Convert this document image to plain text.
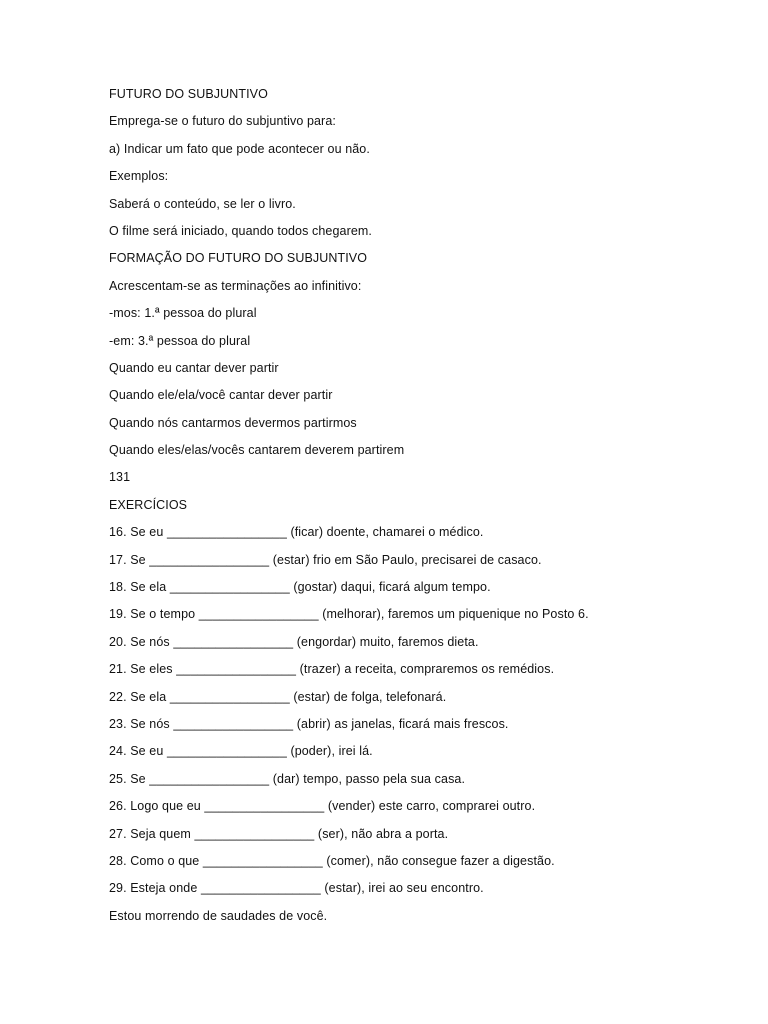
FUTURO DO SUBJUNTIVO
Emprega-se o futuro do subjuntivo para:
a) Indicar um fato que pode acontecer ou não.
Exemplos:
Saberá o conteúdo, se ler o livro.
O filme será iniciado, quando todos chegarem.
FORMAÇÃO DO FUTURO DO SUBJUNTIVO
Acrescentam-se as terminações ao infinitivo:
-mos: 1.ª pessoa do plural
-em: 3.ª pessoa do plural
Quando eu cantar dever partir
Quando ele/ela/você cantar dever partir
Quando nós cantarmos devermos partirmos
Quando eles/elas/vocês cantarem deverem partirem
131
EXERCÍCIOS
16. Se eu _________________ (ficar) doente, chamarei o médico.
17. Se _________________ (estar) frio em São Paulo, precisarei de casaco.
18. Se ela _________________ (gostar) daqui, ficará algum tempo.
19. Se o tempo _________________ (melhorar), faremos um piquenique no Posto 6.
20. Se nós _________________ (engordar) muito, faremos dieta.
21. Se eles _________________ (trazer) a receita, compraremos os remédios.
22. Se ela _________________ (estar) de folga, telefonará.
23. Se nós _________________ (abrir) as janelas, ficará mais frescos.
24. Se eu _________________ (poder), irei lá.
25. Se _________________ (dar) tempo, passo pela sua casa.
26. Logo que eu _________________ (vender) este carro, comprarei outro.
27. Seja quem _________________ (ser), não abra a porta.
28. Como o que _________________ (comer), não consegue fazer a digestão.
29. Esteja onde _________________ (estar), irei ao seu encontro.
Estou morrendo de saudades de você.
